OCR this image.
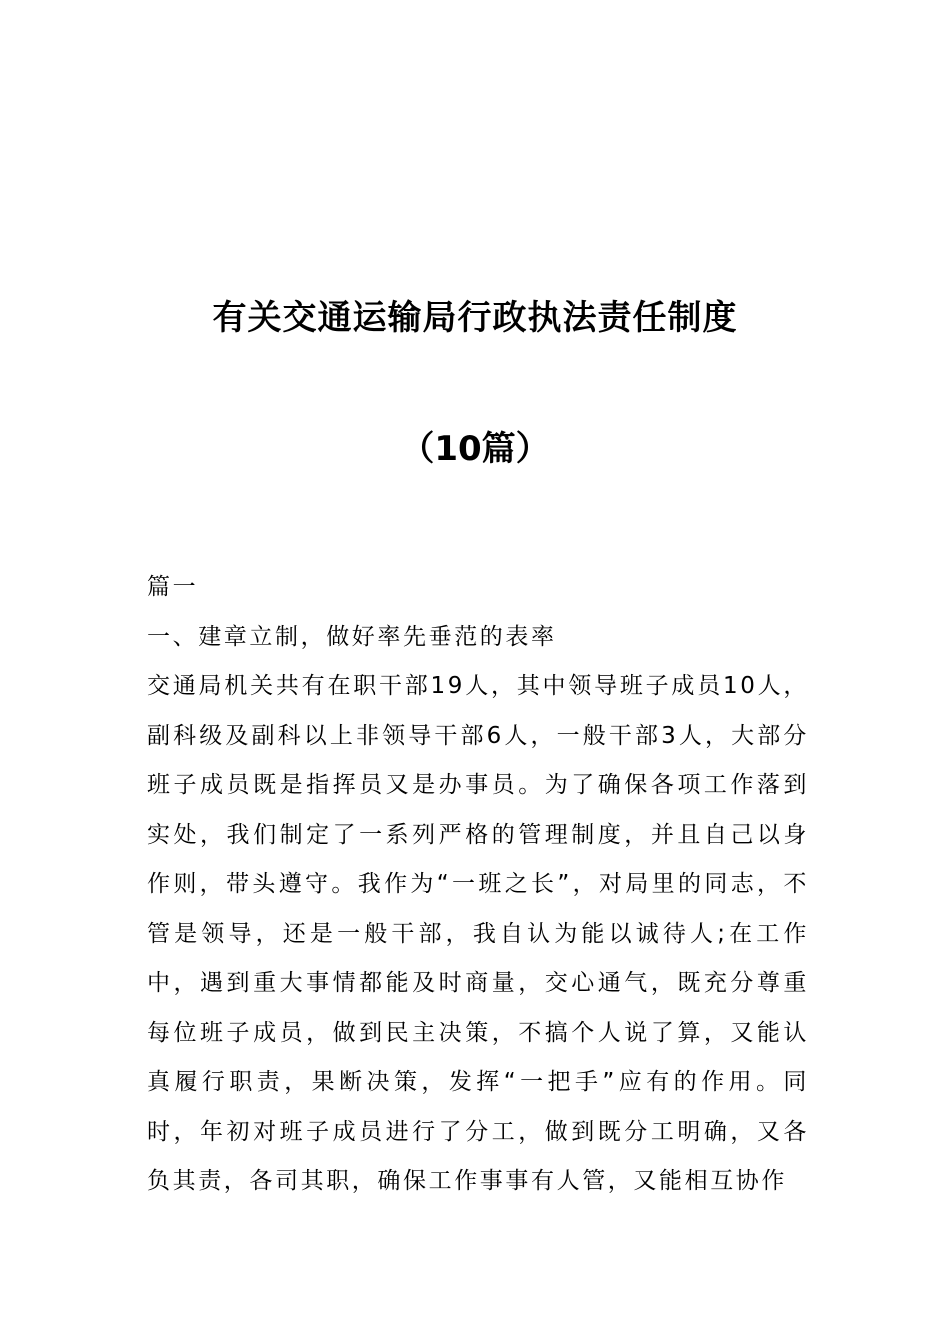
有关交通运输局行政执法责任制度
（10篇）

篇一

一、建章立制，做好率先垂范的表率

交通局机关共有在职干部19人，其中领导班子成员10人，副科级及副科以上非领导干部6人，一般干部3人，大部分班子成员既是指挥员又是办事员。为了确保各项工作落到实处，我们制定了一系列严格的管理制度，并且自己以身作则，带头遵守。我作为“一班之长”，对局里的同志，不管是领导，还是一般干部，我自认为能以诚待人;在工作中，遇到重大事情都能及时商量，交心通气，既充分尊重每位班子成员，做到民主决策，不搞个人说了算，又能认真履行职责，果断决策，发挥“一把手”应有的作用。同时，年初对班子成员进行了分工，做到既分工明确，又各负其责，各司其职，确保工作事事有人管，又能相互协作
